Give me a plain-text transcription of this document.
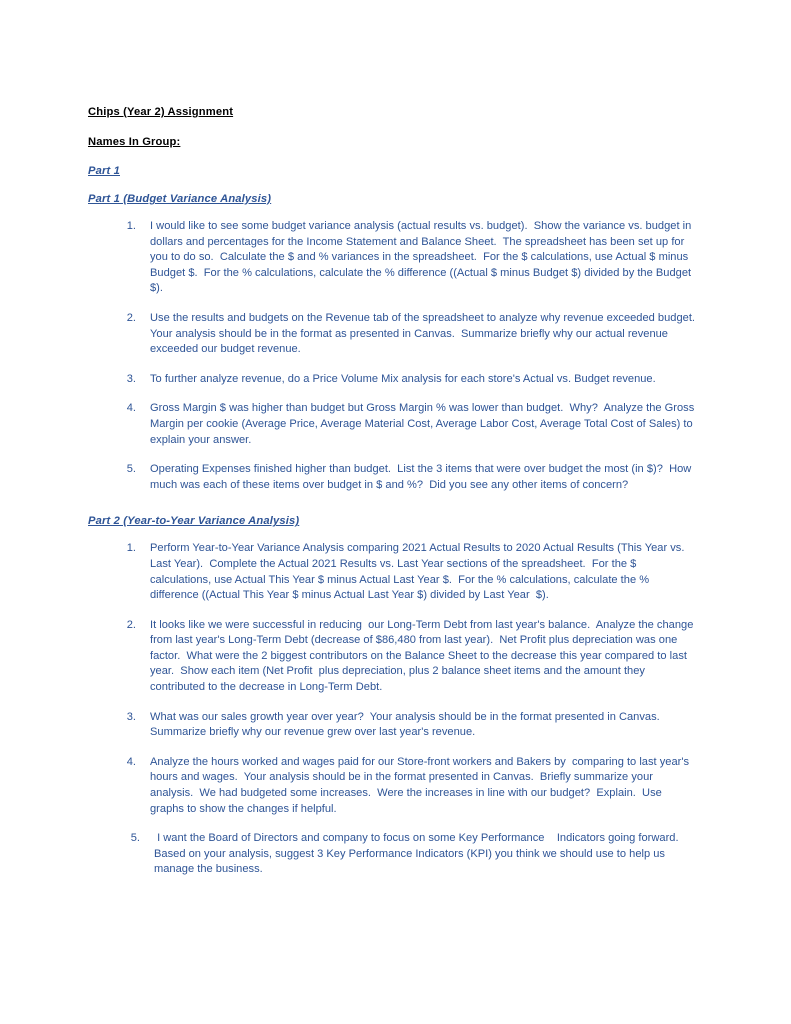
Chips (Year 2) Assignment
Names In Group:
Part 1
Part 1 (Budget Variance Analysis)
1. I would like to see some budget variance analysis (actual results vs. budget).  Show the variance vs. budget in dollars and percentages for the Income Statement and Balance Sheet.  The spreadsheet has been set up for you to do so.  Calculate the $ and % variances in the spreadsheet.  For the $ calculations, use Actual $ minus Budget $.  For the % calculations, calculate the % difference ((Actual $ minus Budget $) divided by the Budget $).
2. Use the results and budgets on the Revenue tab of the spreadsheet to analyze why revenue exceeded budget.   Your analysis should be in the format as presented in Canvas.  Summarize briefly why our actual revenue exceeded our budget revenue.
3. To further analyze revenue, do a Price Volume Mix analysis for each store's Actual vs. Budget revenue.
4. Gross Margin $ was higher than budget but Gross Margin % was lower than budget.  Why?  Analyze the Gross Margin per cookie (Average Price, Average Material Cost, Average Labor Cost, Average Total Cost of Sales) to explain your answer.
5. Operating Expenses finished higher than budget.  List the 3 items that were over budget the most (in $)?  How much was each of these items over budget in $ and %?  Did you see any other items of concern?
Part 2 (Year-to-Year Variance Analysis)
1. Perform Year-to-Year Variance Analysis comparing 2021 Actual Results to 2020 Actual Results (This Year vs. Last Year).  Complete the Actual 2021 Results vs. Last Year sections of the spreadsheet.  For the $ calculations, use Actual This Year $ minus Actual Last Year $.  For the % calculations, calculate the % difference ((Actual This Year $ minus Actual Last Year $) divided by Last Year  $).
2. It looks like we were successful in reducing  our Long-Term Debt from last year's balance.  Analyze the change from last year's Long-Term Debt (decrease of $86,480 from last year).  Net Profit plus depreciation was one factor.  What were the 2 biggest contributors on the Balance Sheet to the decrease this year compared to last year.  Show each item (Net Profit  plus depreciation, plus 2 balance sheet items and the amount they contributed to the decrease in Long-Term Debt.
3. What was our sales growth year over year?  Your analysis should be in the format presented in Canvas.  Summarize briefly why our revenue grew over last year's revenue.
4. Analyze the hours worked and wages paid for our Store-front workers and Bakers by  comparing to last year's hours and wages.  Your analysis should be in the format presented in Canvas.  Briefly summarize your analysis.  We had budgeted some increases.  Were the increases in line with our budget?  Explain.  Use graphs to show the changes if helpful.
5. I want the Board of Directors and company to focus on some Key Performance    Indicators going forward.  Based on your analysis, suggest 3 Key Performance Indicators (KPI) you think we should use to help us manage the business.
